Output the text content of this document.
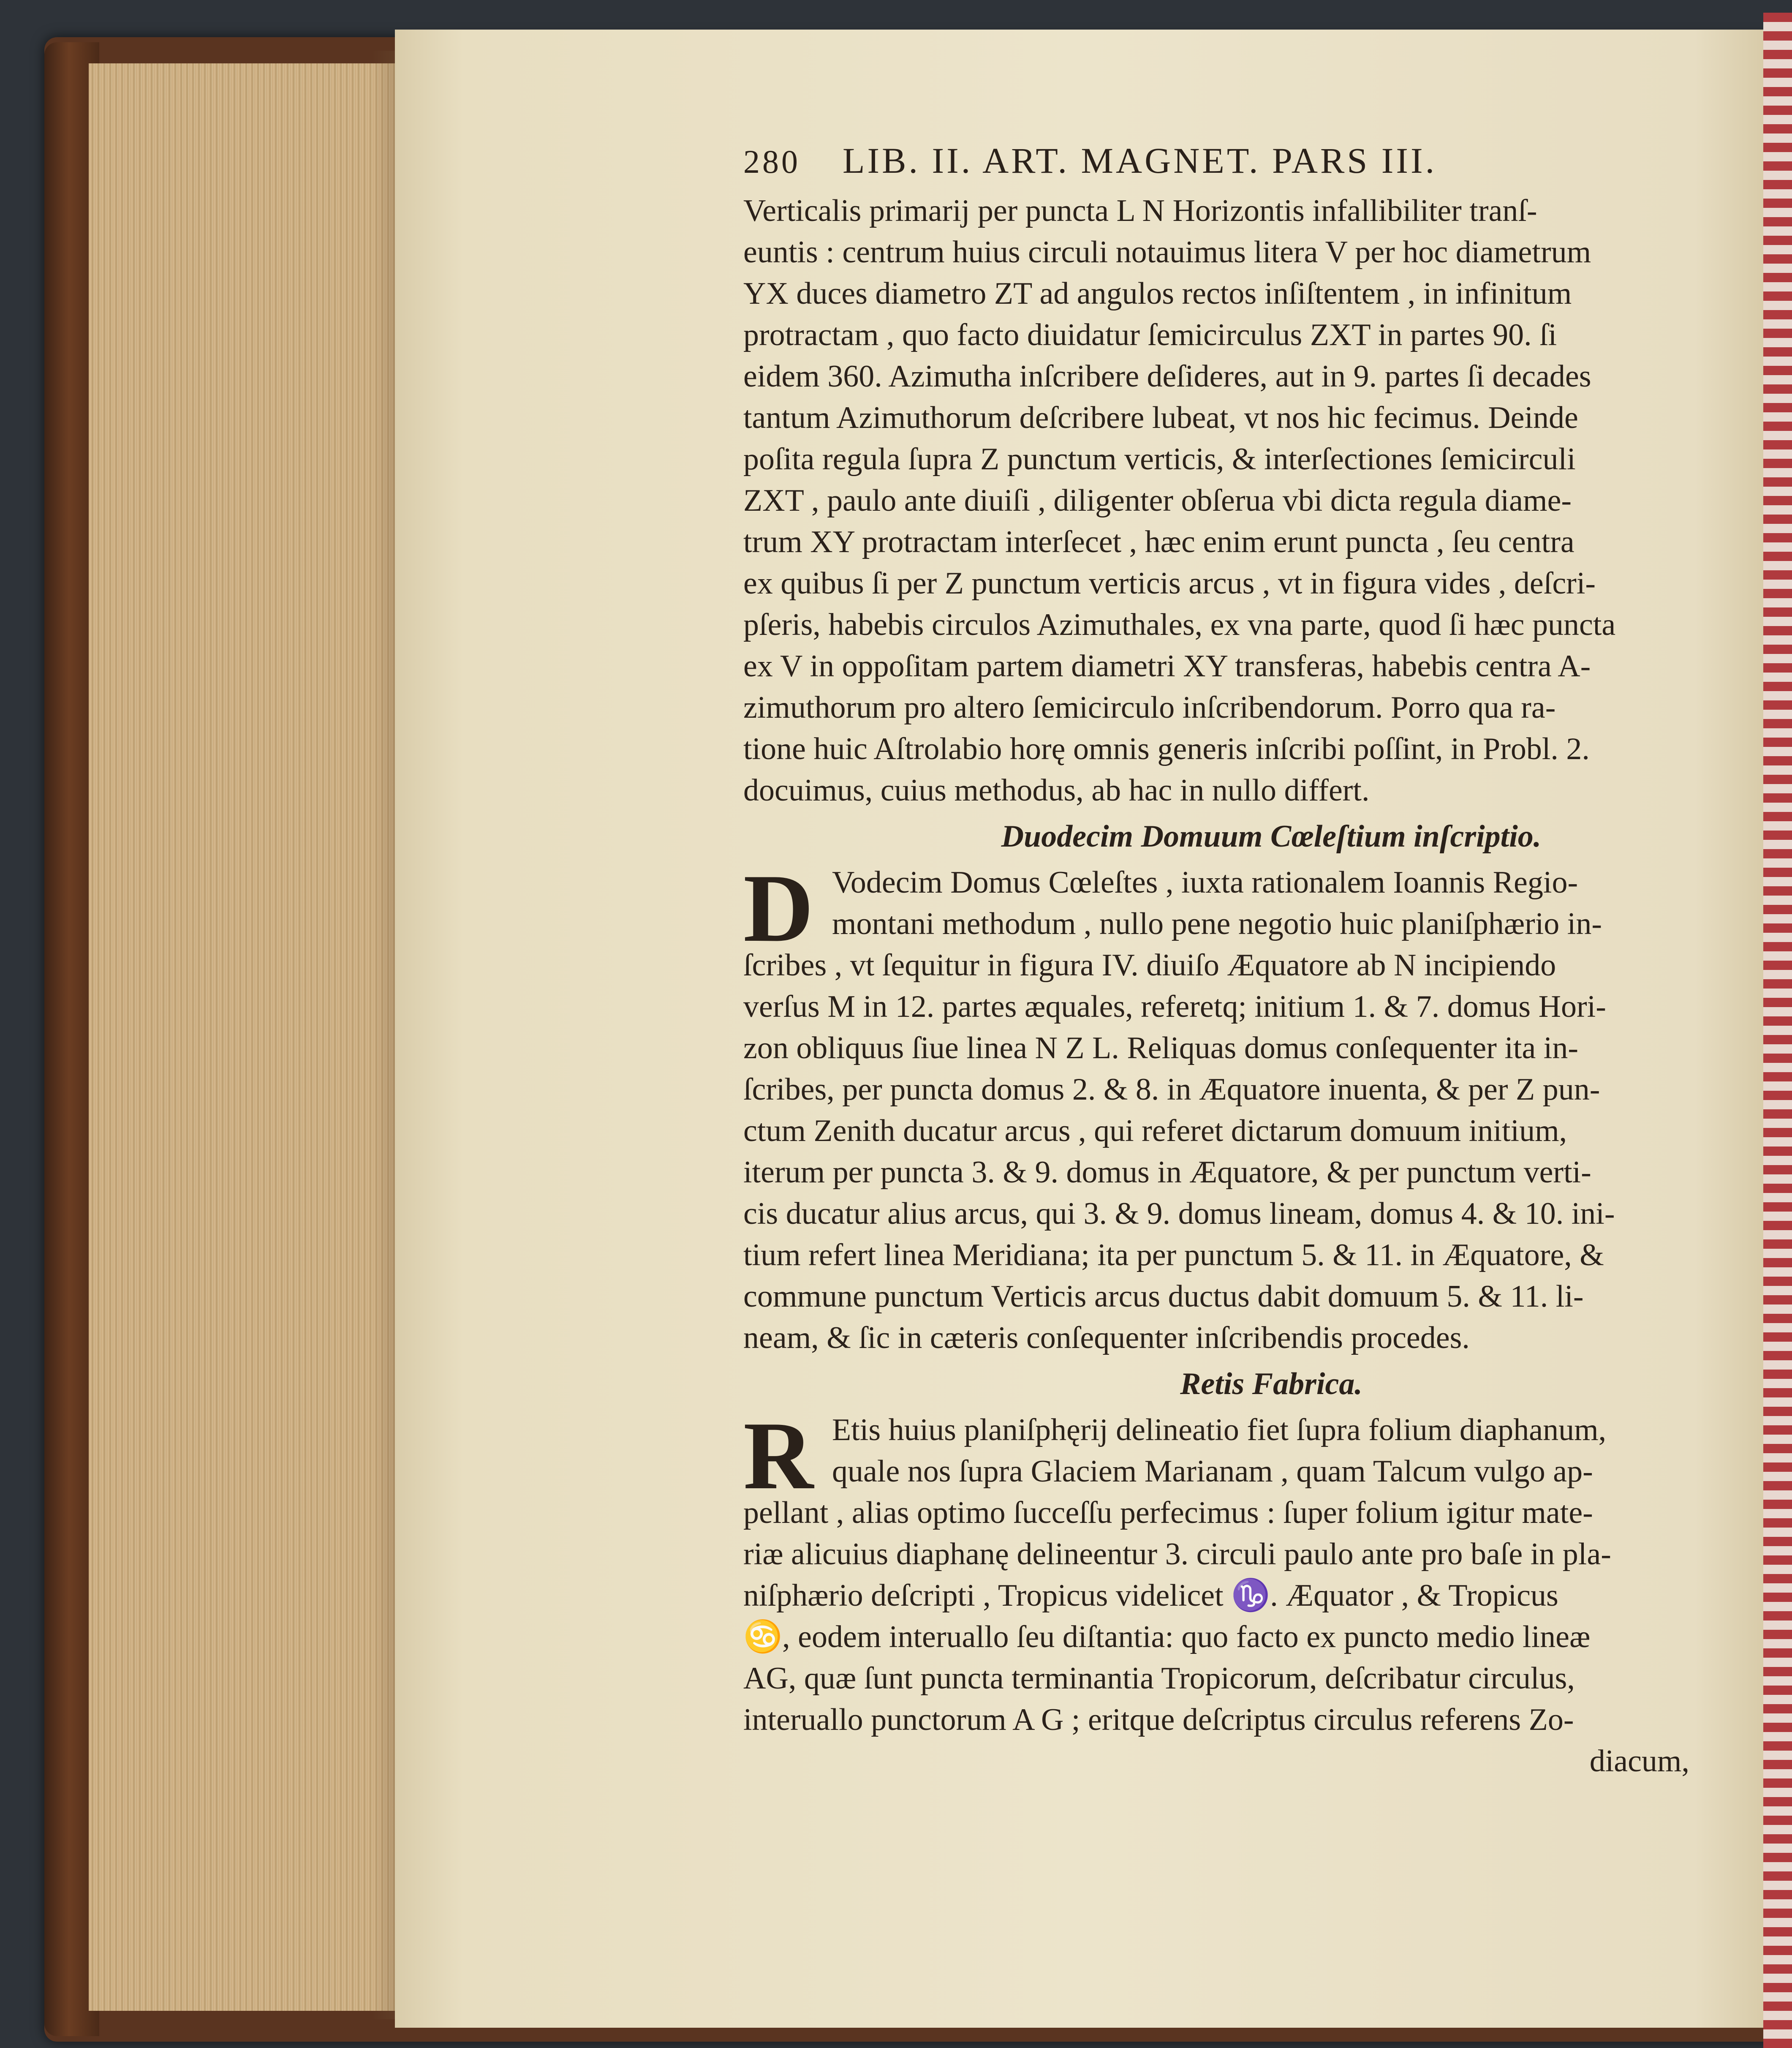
280 LIB. II. ART. MAGNET. PARS III.
Verticalis primarij per puncta L N Horizontis infallibiliter tranſ-
euntis : centrum huius circuli notauimus litera V per hoc diametrum
YX duces diametro ZT ad angulos rectos inſiſtentem , in infinitum
protractam , quo facto diuidatur ſemicirculus ZXT in partes 90. ſi
eidem 360. Azimutha inſcribere deſideres, aut in 9. partes ſi decades
tantum Azimuthorum deſcribere lubeat, vt nos hic fecimus. Deinde
poſita regula ſupra Z punctum verticis, & interſectiones ſemicirculi
ZXT , paulo ante diuiſi , diligenter obſerua vbi dicta regula diame-
trum XY protractam interſecet , hæc enim erunt puncta , ſeu centra
ex quibus ſi per Z punctum verticis arcus , vt in figura vides , deſcri-
pſeris, habebis circulos Azimuthales, ex vna parte, quod ſi hæc puncta
ex V in oppoſitam partem diametri XY transferas, habebis centra A-
zimuthorum pro altero ſemicirculo inſcribendorum. Porro qua ra-
tione huic Aſtrolabio horę omnis generis inſcribi poſſint, in Probl. 2.
docuimus, cuius methodus, ab hac in nullo differt.
Duodecim Domuum Cœleſtium inſcriptio.
D Vodecim Domus Cœleſtes , iuxta rationalem Ioannis Regio-
montani methodum , nullo pene negotio huic planiſphærio in-
ſcribes , vt ſequitur in figura IV. diuiſo Æquatore ab N incipiendo
verſus M in 12. partes æquales, referetq; initium 1. & 7. domus Hori-
zon obliquus ſiue linea N Z L. Reliquas domus conſequenter ita in-
ſcribes, per puncta domus 2. & 8. in Æquatore inuenta, & per Z pun-
ctum Zenith ducatur arcus , qui referet dictarum domuum initium,
iterum per puncta 3. & 9. domus in Æquatore, & per punctum verti-
cis ducatur alius arcus, qui 3. & 9. domus lineam, domus 4. & 10. ini-
tium refert linea Meridiana; ita per punctum 5. & 11. in Æquatore, &
commune punctum Verticis arcus ductus dabit domuum 5. & 11. li-
neam, & ſic in cæteris conſequenter inſcribendis procedes.
Retis Fabrica.
R Etis huius planiſphęrij delineatio fiet ſupra folium diaphanum,
quale nos ſupra Glaciem Marianam , quam Talcum vulgo ap-
pellant , alias optimo ſucceſſu perfecimus : ſuper folium igitur mate-
riæ alicuius diaphanę delineentur 3. circuli paulo ante pro baſe in pla-
niſphærio deſcripti , Tropicus videlicet ♑. Æquator , & Tropicus
♋, eodem interuallo ſeu diſtantia: quo facto ex puncto medio lineæ
AG, quæ ſunt puncta terminantia Tropicorum, deſcribatur circulus,
interuallo punctorum A G ; eritque deſcriptus circulus referens Zo-
diacum,
